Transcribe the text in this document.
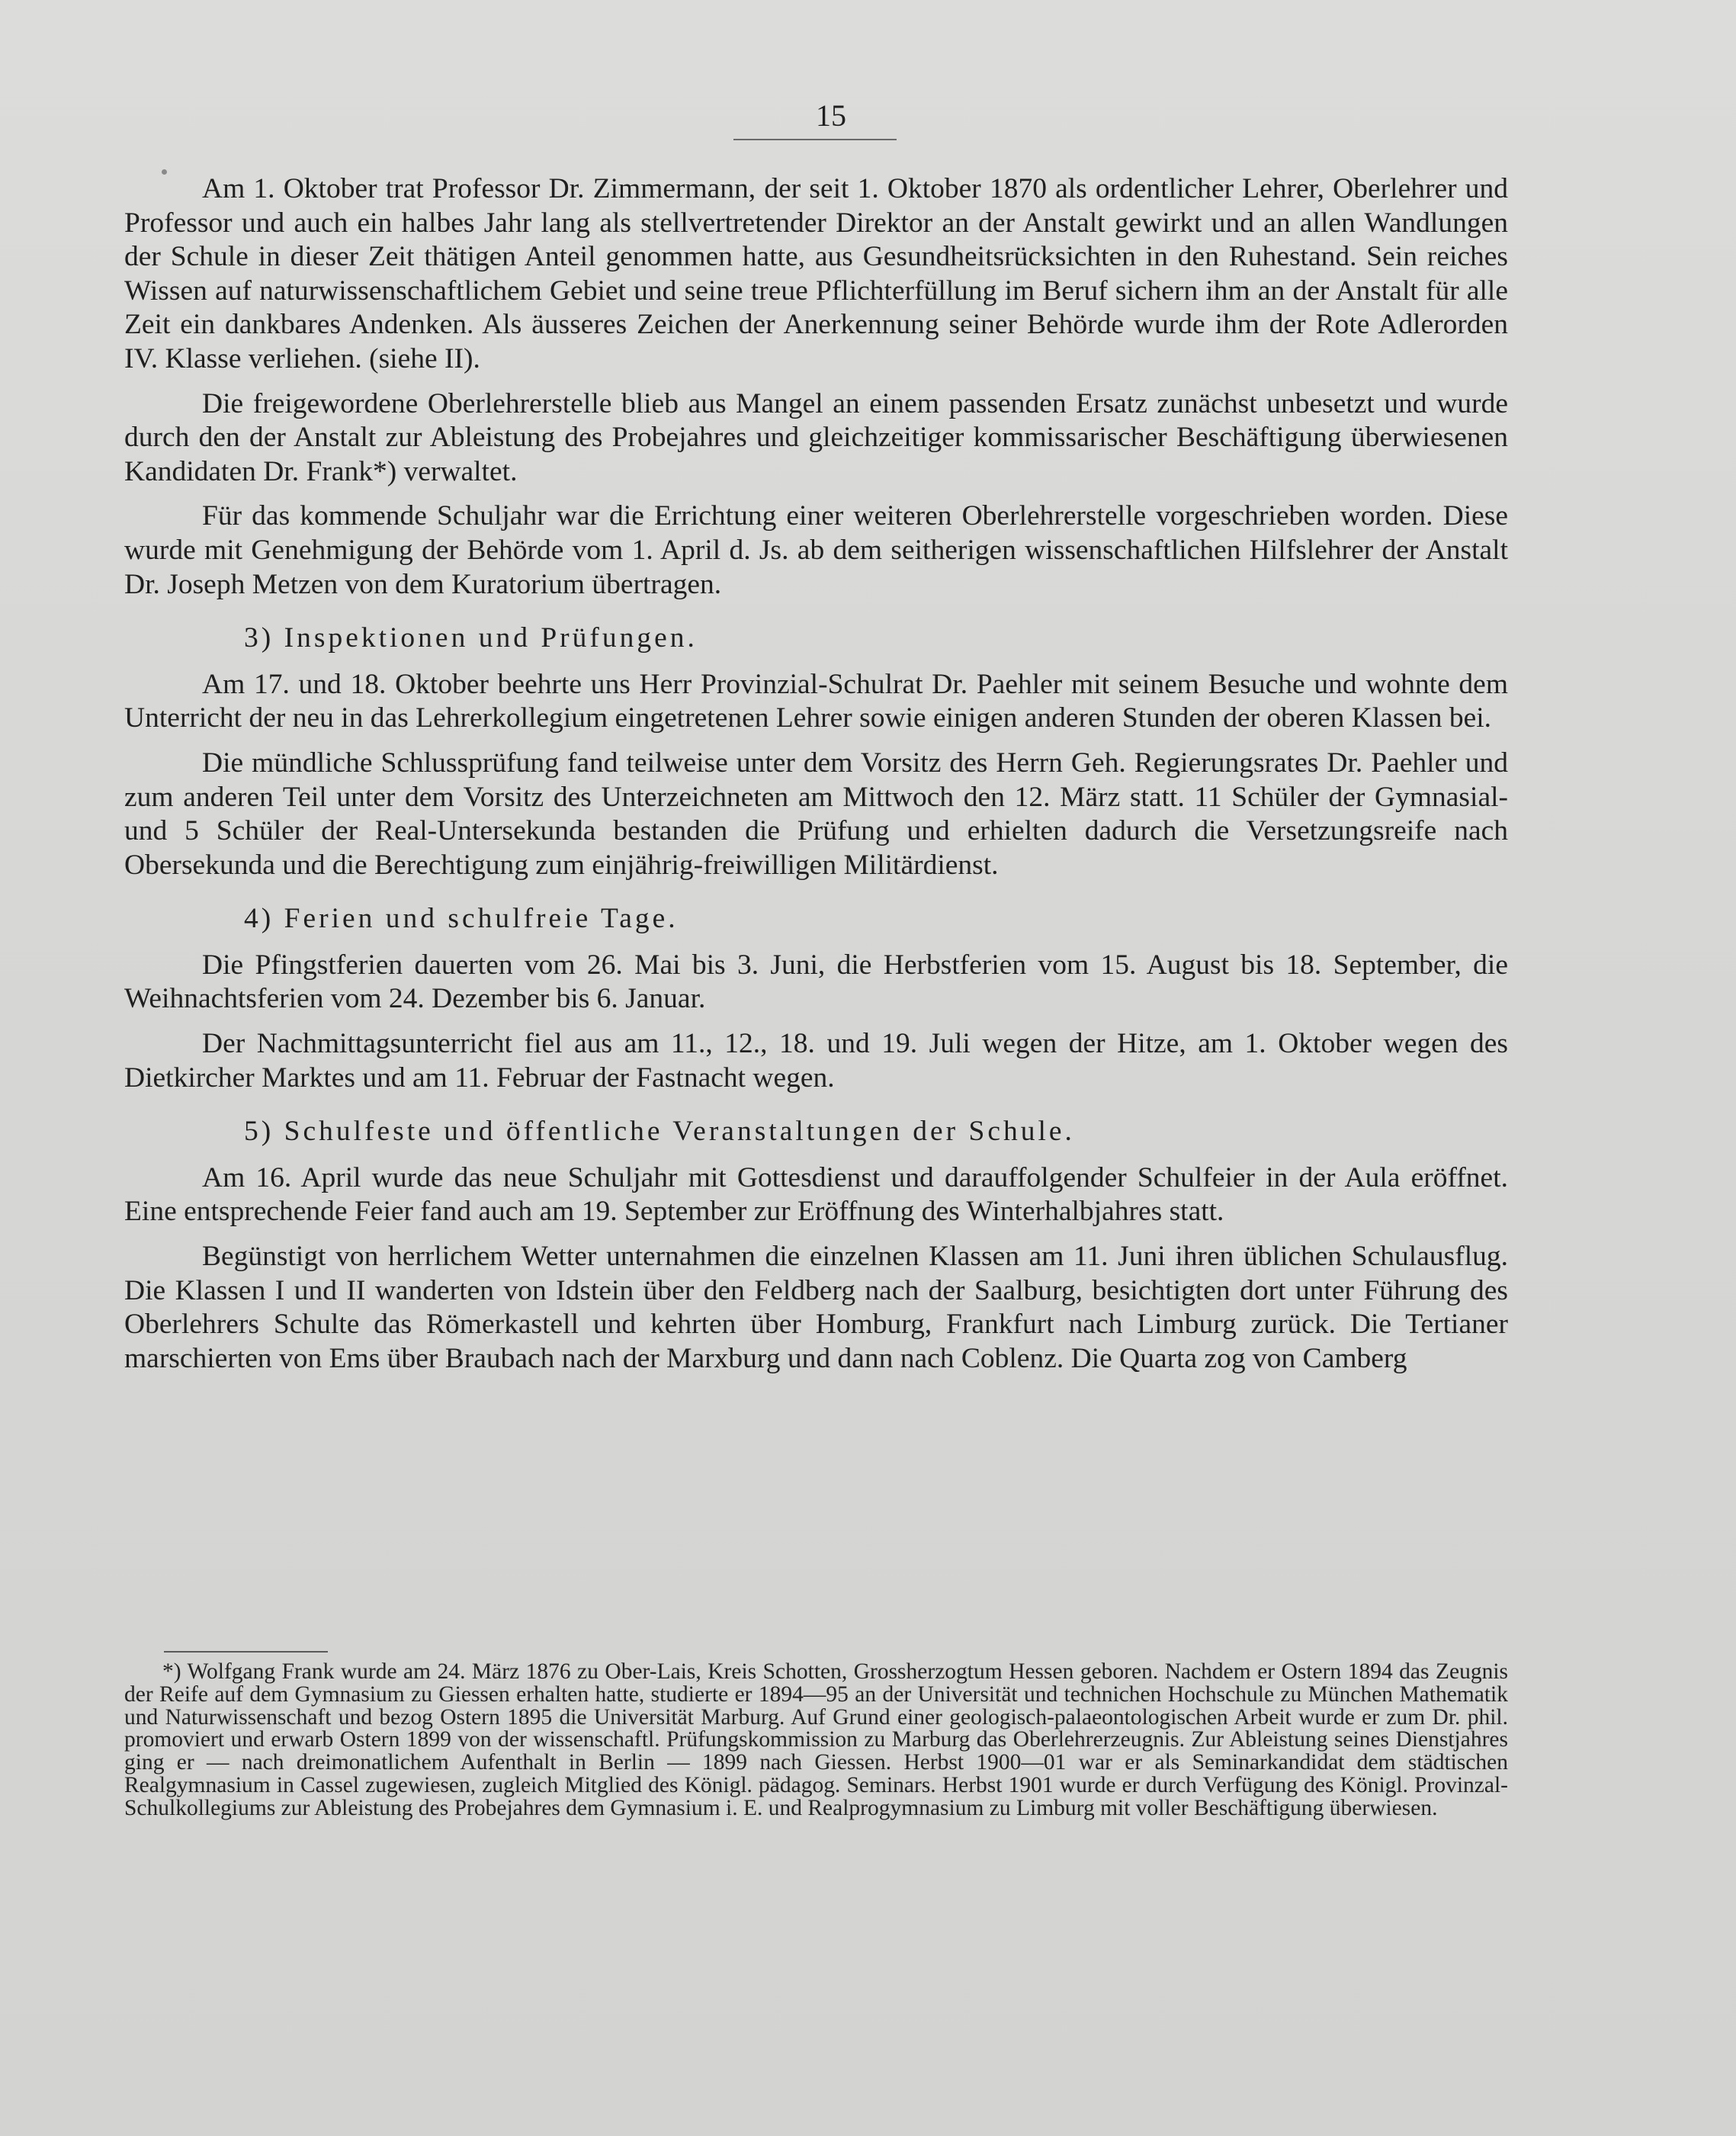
15

Am 1. Oktober trat Professor Dr. Zimmermann, der seit 1. Oktober 1870 als ordentlicher Lehrer, Oberlehrer und Professor und auch ein halbes Jahr lang als stellvertretender Direktor an der Anstalt gewirkt und an allen Wandlungen der Schule in dieser Zeit thätigen Anteil genommen hatte, aus Gesundheitsrücksichten in den Ruhestand. Sein reiches Wissen auf naturwissenschaftlichem Gebiet und seine treue Pflichterfüllung im Beruf sichern ihm an der Anstalt für alle Zeit ein dankbares Andenken. Als äusseres Zeichen der Anerkennung seiner Behörde wurde ihm der Rote Adlerorden IV. Klasse verliehen. (siehe II).

Die freigewordene Oberlehrerstelle blieb aus Mangel an einem passenden Ersatz zunächst unbesetzt und wurde durch den der Anstalt zur Ableistung des Probejahres und gleichzeitiger kommissarischer Beschäftigung überwiesenen Kandidaten Dr. Frank*) verwaltet.

Für das kommende Schuljahr war die Errichtung einer weiteren Oberlehrerstelle vorgeschrieben worden. Diese wurde mit Genehmigung der Behörde vom 1. April d. Js. ab dem seitherigen wissenschaftlichen Hilfslehrer der Anstalt Dr. Joseph Metzen von dem Kuratorium übertragen.

3) Inspektionen und Prüfungen.

Am 17. und 18. Oktober beehrte uns Herr Provinzial-Schulrat Dr. Paehler mit seinem Besuche und wohnte dem Unterricht der neu in das Lehrerkollegium eingetretenen Lehrer sowie einigen anderen Stunden der oberen Klassen bei.

Die mündliche Schlussprüfung fand teilweise unter dem Vorsitz des Herrn Geh. Regierungsrates Dr. Paehler und zum anderen Teil unter dem Vorsitz des Unterzeichneten am Mittwoch den 12. März statt. 11 Schüler der Gymnasial- und 5 Schüler der Real-Untersekunda bestanden die Prüfung und erhielten dadurch die Versetzungsreife nach Obersekunda und die Berechtigung zum einjährig-freiwilligen Militärdienst.

4) Ferien und schulfreie Tage.

Die Pfingstferien dauerten vom 26. Mai bis 3. Juni, die Herbstferien vom 15. August bis 18. September, die Weihnachtsferien vom 24. Dezember bis 6. Januar.

Der Nachmittagsunterricht fiel aus am 11., 12., 18. und 19. Juli wegen der Hitze, am 1. Oktober wegen des Dietkircher Marktes und am 11. Februar der Fastnacht wegen.

5) Schulfeste und öffentliche Veranstaltungen der Schule.

Am 16. April wurde das neue Schuljahr mit Gottesdienst und darauffolgender Schulfeier in der Aula eröffnet. Eine entsprechende Feier fand auch am 19. September zur Eröffnung des Winterhalbjahres statt.

Begünstigt von herrlichem Wetter unternahmen die einzelnen Klassen am 11. Juni ihren üblichen Schulausflug. Die Klassen I und II wanderten von Idstein über den Feldberg nach der Saalburg, besichtigten dort unter Führung des Oberlehrers Schulte das Römerkastell und kehrten über Homburg, Frankfurt nach Limburg zurück. Die Tertianer marschierten von Ems über Braubach nach der Marxburg und dann nach Coblenz. Die Quarta zog von Camberg

*) Wolfgang Frank wurde am 24. März 1876 zu Ober-Lais, Kreis Schotten, Grossherzogtum Hessen geboren. Nachdem er Ostern 1894 das Zeugnis der Reife auf dem Gymnasium zu Giessen erhalten hatte, studierte er 1894—95 an der Universität und technichen Hochschule zu München Mathematik und Naturwissenschaft und bezog Ostern 1895 die Universität Marburg. Auf Grund einer geologisch-palaeontologischen Arbeit wurde er zum Dr. phil. promoviert und erwarb Ostern 1899 von der wissenschaftl. Prüfungskommission zu Marburg das Oberlehrerzeugnis. Zur Ableistung seines Dienstjahres ging er — nach dreimonatlichem Aufenthalt in Berlin — 1899 nach Giessen. Herbst 1900—01 war er als Seminarkandidat dem städtischen Realgymnasium in Cassel zugewiesen, zugleich Mitglied des Königl. pädagog. Seminars. Herbst 1901 wurde er durch Verfügung des Königl. Provinzal-Schulkollegiums zur Ableistung des Probejahres dem Gymnasium i. E. und Realprogymnasium zu Limburg mit voller Beschäftigung überwiesen.
